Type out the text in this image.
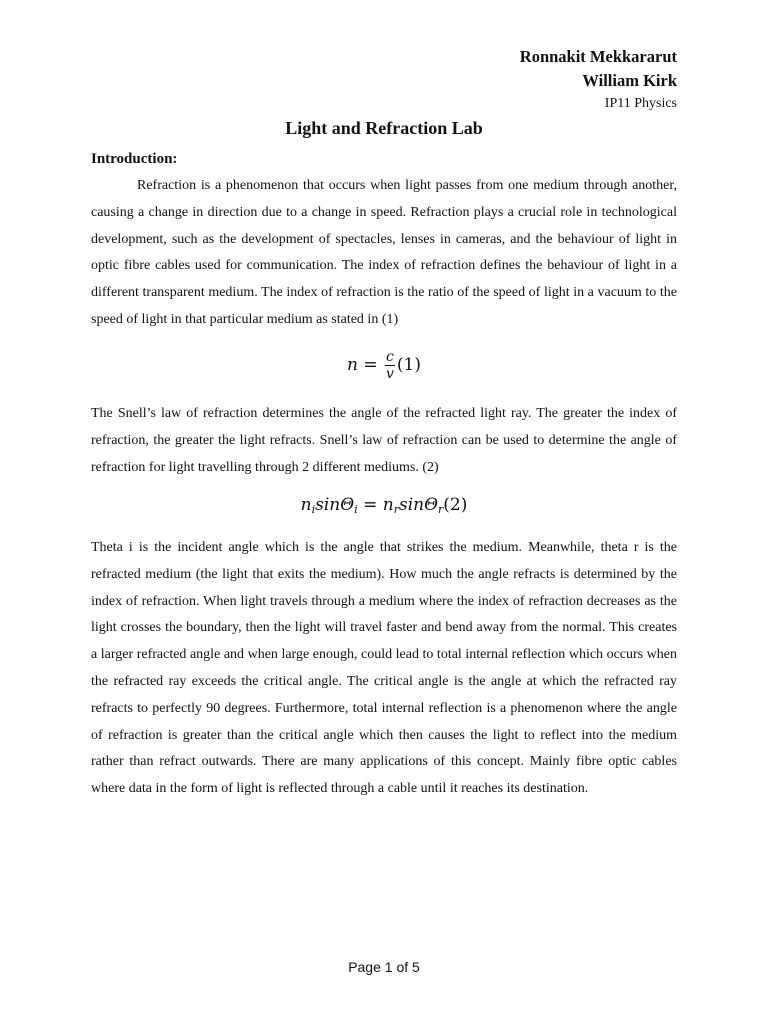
Ronnakit Mekkararut
William Kirk
IP11 Physics
Light and Refraction Lab
Introduction:

Refraction is a phenomenon that occurs when light passes from one medium through another, causing a change in direction due to a change in speed. Refraction plays a crucial role in technological development, such as the development of spectacles, lenses in cameras, and the behaviour of light in optic fibre cables used for communication. The index of refraction defines the behaviour of light in a different transparent medium. The index of refraction is the ratio of the speed of light in a vacuum to the speed of light in that particular medium as stated in (1)

$n = \frac{c}{v} (1)$

The Snell’s law of refraction determines the angle of the refracted light ray. The greater the index of refraction, the greater the light refracts. Snell’s law of refraction can be used to determine the angle of refraction for light travelling through 2 different mediums. (2)

$n_i\sin\Theta_i = n_r\sin\Theta_r(2)$

Theta i is the incident angle which is the angle that strikes the medium. Meanwhile, theta r is the refracted medium (the light that exits the medium). How much the angle refracts is determined by the index of refraction. When light travels through a medium where the index of refraction decreases as the light crosses the boundary, then the light will travel faster and bend away from the normal. This creates a larger refracted angle and when large enough, could lead to total internal reflection which occurs when the refracted ray exceeds the critical angle. The critical angle is the angle at which the refracted ray refracts to perfectly 90 degrees. Furthermore, total internal reflection is a phenomenon where the angle of refraction is greater than the critical angle which then causes the light to reflect into the medium rather than refract outwards. There are many applications of this concept. Mainly fibre optic cables where data in the form of light is reflected through a cable until it reaches its destination.

Page 1 of 5
